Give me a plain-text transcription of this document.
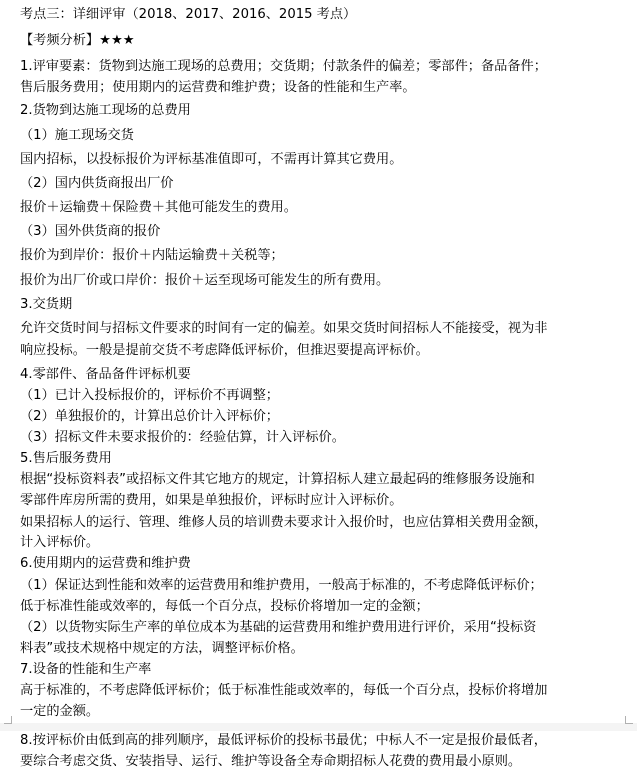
考点三：详细评审（2018、2017、2016、2015 考点）
【考频分析】★★★
1.评审要素：货物到达施工现场的总费用；交货期；付款条件的偏差；零部件；备品备件；
售后服务费用；使用期内的运营费和维护费；设备的性能和生产率。
2.货物到达施工现场的总费用
（1）施工现场交货
国内招标，以投标报价为评标基准值即可，不需再计算其它费用。
（2）国内供货商报出厂价
报价＋运输费＋保险费＋其他可能发生的费用。
（3）国外供货商的报价
报价为到岸价：报价＋内陆运输费＋关税等；
报价为出厂价或口岸价：报价＋运至现场可能发生的所有费用。
3.交货期
允许交货时间与招标文件要求的时间有一定的偏差。如果交货时间招标人不能接受，视为非
响应投标。一般是提前交货不考虑降低评标价，但推迟要提高评标价。
4.零部件、备品备件评标机要
（1）已计入投标报价的，评标价不再调整；
（2）单独报价的，计算出总价计入评标价；
（3）招标文件未要求报价的：经验估算，计入评标价。
5.售后服务费用
根据“投标资料表”或招标文件其它地方的规定，计算招标人建立最起码的维修服务设施和
零部件库房所需的费用，如果是单独报价，评标时应计入评标价。
如果招标人的运行、管理、维修人员的培训费未要求计入报价时，也应估算相关费用金额，
计入评标价。
6.使用期内的运营费和维护费
（1）保证达到性能和效率的运营费用和维护费用，一般高于标准的，不考虑降低评标价；
低于标准性能或效率的，每低一个百分点，投标价将增加一定的金额；
（2）以货物实际生产率的单位成本为基础的运营费用和维护费用进行评价，采用“投标资
料表”或技术规格中规定的方法，调整评标价格。
7.设备的性能和生产率
高于标准的，不考虑降低评标价；低于标准性能或效率的，每低一个百分点，投标价将增加
一定的金额。
8.按评标价由低到高的排列顺序，最低评标价的投标书最优；中标人不一定是报价最低者，
要综合考虑交货、安装指导、运行、维护等设备全寿命期招标人花费的费用最小原则。
